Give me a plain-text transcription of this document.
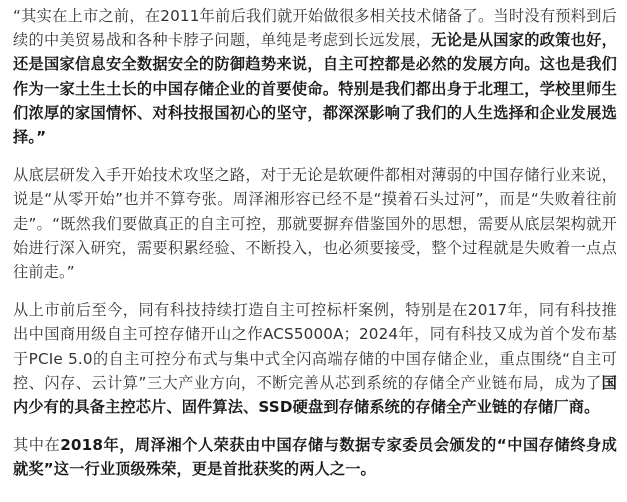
“其实在上市之前，在2011年前后我们就开始做很多相关技术储备了。当时没有预料到后续的中美贸易战和各种卡脖子问题，单纯是考虑到长远发展，无论是从国家的政策也好，还是国家信息安全数据安全的防御趋势来说，自主可控都是必然的发展方向。这也是我们作为一家土生土长的中国存储企业的首要使命。特别是我们都出身于北理工，学校里师生们浓厚的家国情怀、对科技报国初心的坚守，都深深影响了我们的人生选择和企业发展选择。”

从底层研发入手开始技术攻坚之路，对于无论是软硬件都相对薄弱的中国存储行业来说，说是“从零开始”也并不算夸张。周泽湘形容已经不是“摸着石头过河”，而是“失败着往前走”。“既然我们要做真正的自主可控，那就要摒弃借鉴国外的思想，需要从底层架构就开始进行深入研究，需要积累经验、不断投入，也必须要接受，整个过程就是失败着一点点往前走。”

从上市前后至今，同有科技持续打造自主可控标杆案例，特别是在2017年，同有科技推出中国商用级自主可控存储开山之作ACS5000A；2024年，同有科技又成为首个发布基于PCIe 5.0的自主可控分布式与集中式全闪高端存储的中国存储企业，重点围绕“自主可控、闪存、云计算”三大产业方向，不断完善从芯到系统的存储全产业链布局，成为了国内少有的具备主控芯片、固件算法、SSD硬盘到存储系统的存储全产业链的存储厂商。

其中在2018年，周泽湘个人荣获由中国存储与数据专家委员会颁发的“中国存储终身成就奖”这一行业顶级殊荣，更是首批获奖的两人之一。
